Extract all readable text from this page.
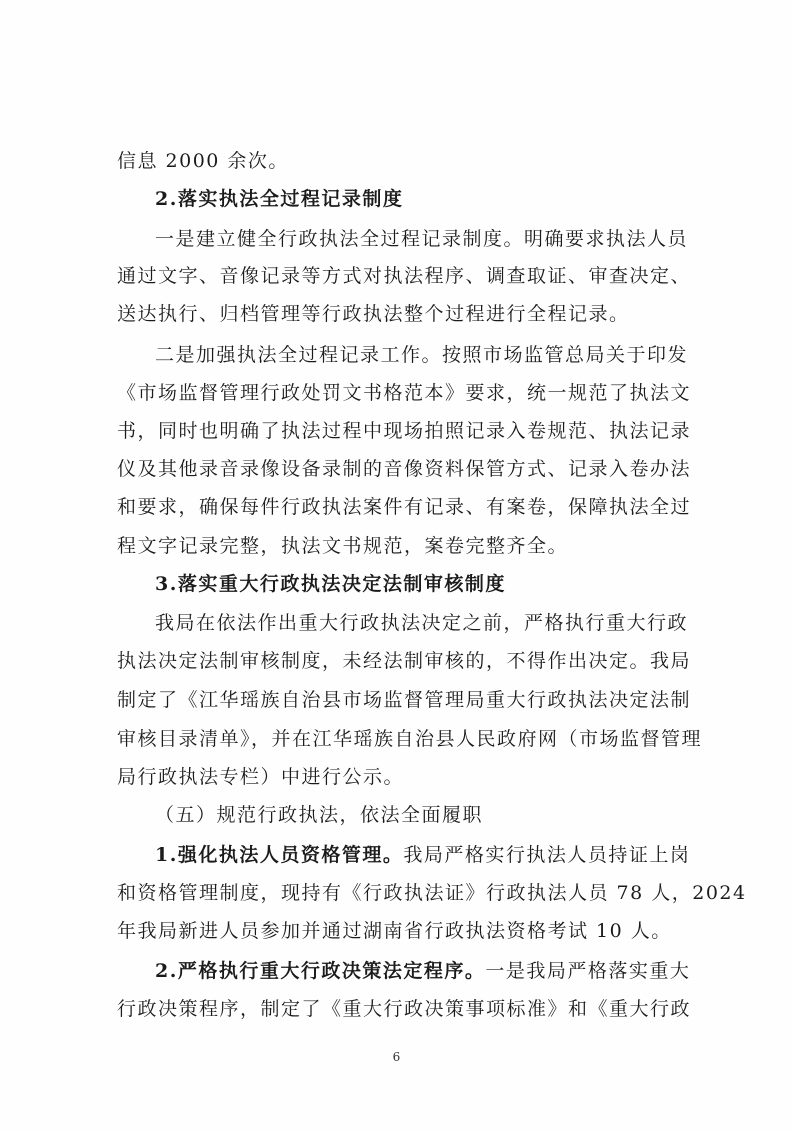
信息 2000 余次。
2.落实执法全过程记录制度
一是建立健全行政执法全过程记录制度。明确要求执法人员
通过文字、音像记录等方式对执法程序、调查取证、审查决定、
送达执行、归档管理等行政执法整个过程进行全程记录。
二是加强执法全过程记录工作。按照市场监管总局关于印发
《市场监督管理行政处罚文书格范本》要求，统一规范了执法文
书，同时也明确了执法过程中现场拍照记录入卷规范、执法记录
仪及其他录音录像设备录制的音像资料保管方式、记录入卷办法
和要求，确保每件行政执法案件有记录、有案卷，保障执法全过
程文字记录完整，执法文书规范，案卷完整齐全。
3.落实重大行政执法决定法制审核制度
我局在依法作出重大行政执法决定之前，严格执行重大行政
执法决定法制审核制度，未经法制审核的，不得作出决定。我局
制定了《江华瑶族自治县市场监督管理局重大行政执法决定法制
审核目录清单》，并在江华瑶族自治县人民政府网（市场监督管理
局行政执法专栏）中进行公示。
（五）规范行政执法，依法全面履职
1.强化执法人员资格管理。我局严格实行执法人员持证上岗
和资格管理制度，现持有《行政执法证》行政执法人员 78 人，2024
年我局新进人员参加并通过湖南省行政执法资格考试 10 人。
2.严格执行重大行政决策法定程序。一是我局严格落实重大
行政决策程序，制定了《重大行政决策事项标准》和《重大行政
6
